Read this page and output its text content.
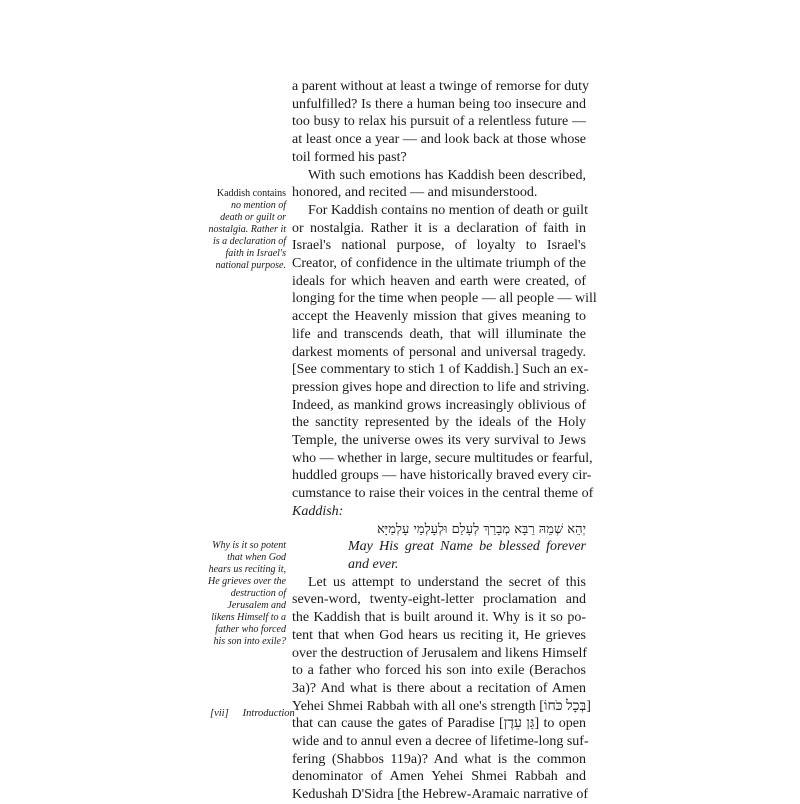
Kaddish contains
no mention of
death or guilt or
nostalgia. Rather it
is a declaration of
faith in Israel's
national purpose.
Why is it so potent
that when God
hears us reciting it,
He grieves over the
destruction of
Jerusalem and
likens Himself to a
father who forced
his son into exile?

a parent without at least a twinge of remorse for duty
unfulfilled? Is there a human being too insecure and
too busy to relax his pursuit of a relentless future —
at least once a year — and look back at those whose
toil formed his past?

With such emotions has Kaddish been described,
honored, and recited — and misunderstood.

For Kaddish contains no mention of death or guilt
or nostalgia. Rather it is a declaration of faith in
Israel's national purpose, of loyalty to Israel's
Creator, of confidence in the ultimate triumph of the
ideals for which heaven and earth were created, of
longing for the time when people — all people — will
accept the Heavenly mission that gives meaning to
life and transcends death, that will illuminate the
darkest moments of personal and universal tragedy.
[See commentary to stich 1 of Kaddish.] Such an ex-
pression gives hope and direction to life and striving.
Indeed, as mankind grows increasingly oblivious of
the sanctity represented by the ideals of the Holy
Temple, the universe owes its very survival to Jews
who — whether in large, secure multitudes or fearful,
huddled groups — have historically braved every cir-
cumstance to raise their voices in the central theme of
Kaddish:

יְהֵא שְׁמֵהּ רַבָּא מְבָרַךְ לְעָלַם וּלְעָלְמֵי עָלְמַיָּא
May His great Name be blessed forever
and ever.

Let us attempt to understand the secret of this
seven-word, twenty-eight-letter proclamation and
the Kaddish that is built around it. Why is it so po-
tent that when God hears us reciting it, He grieves
over the destruction of Jerusalem and likens Himself
to a father who forced his son into exile (Berachos
3a)? And what is there about a recitation of Amen
Yehei Shmei Rabbah with all one's strength [בְּכָל כֹּחוֹ]
that can cause the gates of Paradise [גַּן עֵדֶן] to open
wide and to annul even a decree of lifetime-long suf-
fering (Shabbos 119a)? And what is the common
denominator of Amen Yehei Shmei Rabbah and
Kedushah D'Sidra [the Hebrew-Aramaic narrative of

[vii] Introduction
